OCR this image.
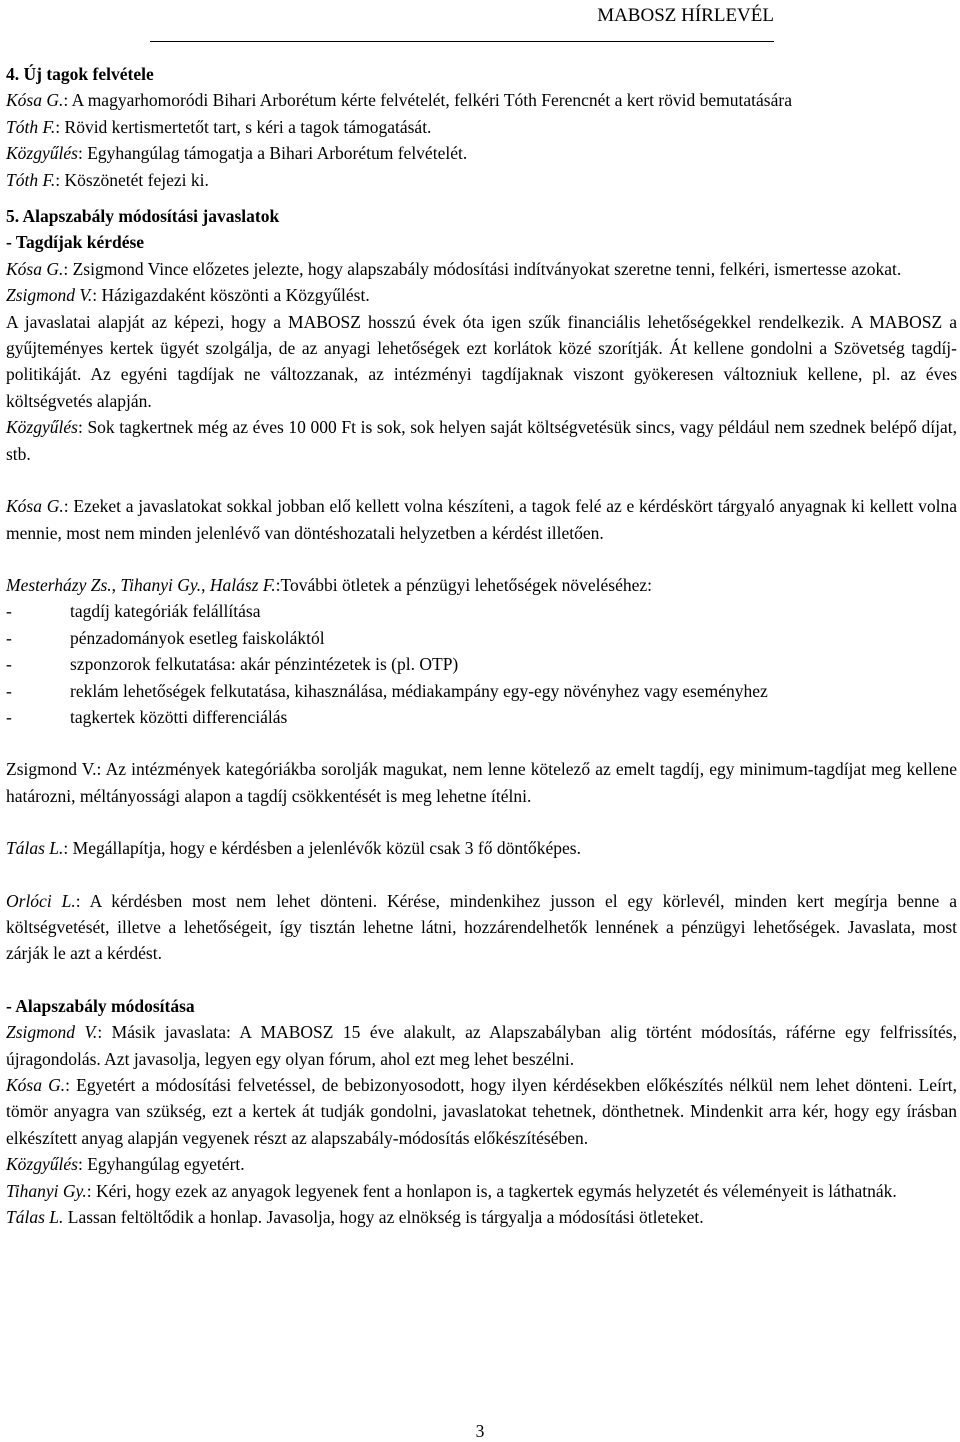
MABOSZ HÍRLEVÉL

4. Új tagok felvétele

Kósa G.: A magyarhomoródi Bihari Arborétum kérte felvételét, felkéri Tóth Ferencnét a kert rövid bemutatására

Tóth F.: Rövid kertismertetőt tart, s kéri a tagok támogatását.

Közgyűlés: Egyhangúlag támogatja a Bihari Arborétum felvételét.

Tóth F.: Köszönetét fejezi ki.

5. Alapszabály módosítási javaslatok

- Tagdíjak kérdése

Kósa G.: Zsigmond Vince előzetes jelezte, hogy alapszabály módosítási indítványokat szeretne tenni, felkéri, ismertesse azokat.

Zsigmond V.: Házigazdaként köszönti a Közgyűlést.

A javaslatai alapját az képezi, hogy a MABOSZ hosszú évek óta igen szűk financiális lehetőségekkel rendelkezik. A MABOSZ a gyűjteményes kertek ügyét szolgálja, de az anyagi lehetőségek ezt korlátok közé szorítják. Át kellene gondolni a Szövetség tagdíj-politikáját. Az egyéni tagdíjak ne változzanak, az intézményi tagdíjaknak viszont gyökeresen változniuk kellene, pl. az éves költségvetés alapján.

Közgyűlés: Sok tagkertnek még az éves 10 000 Ft is sok, sok helyen saját költségvetésük sincs, vagy például nem szednek belépő díjat, stb.

Kósa G.: Ezeket a javaslatokat sokkal jobban elő kellett volna készíteni, a tagok felé az e kérdéskört tárgyaló anyagnak ki kellett volna mennie, most nem minden jelenlévő van döntéshozatali helyzetben a kérdést illetően.

Mesterházy Zs., Tihanyi Gy., Halász F.:További ötletek a pénzügyi lehetőségek növeléséhez:

- tagdíj kategóriák felállítása
- pénzadományok esetleg faiskoláktól
- szponzorok felkutatása: akár pénzintézetek is (pl. OTP)
- reklám lehetőségek felkutatása, kihasználása, médiakampány egy-egy növényhez vagy eseményhez
- tagkertek közötti differenciálás

Zsigmond V.: Az intézmények kategóriákba sorolják magukat, nem lenne kötelező az emelt tagdíj, egy minimum-tagdíjat meg kellene határozni, méltányossági alapon a tagdíj csökkentését is meg lehetne ítélni.

Tálas L.: Megállapítja, hogy e kérdésben a jelenlévők közül csak 3 fő döntőképes.

Orlóci L.: A kérdésben most nem lehet dönteni. Kérése, mindenkihez jusson el egy körlevél, minden kert megírja benne a költségvetését, illetve a lehetőségeit, így tisztán lehetne látni, hozzárendelhetők lennének a pénzügyi lehetőségek. Javaslata, most zárják le azt a kérdést.

- Alapszabály módosítása

Zsigmond V.: Másik javaslata: A MABOSZ 15 éve alakult, az Alapszabályban alig történt módosítás, ráférne egy felfrissítés, újragondolás. Azt javasolja, legyen egy olyan fórum, ahol ezt meg lehet beszélni.

Kósa G.: Egyetért a módosítási felvetéssel, de bebizonyosodott, hogy ilyen kérdésekben előkészítés nélkül nem lehet dönteni. Leírt, tömör anyagra van szükség, ezt a kertek át tudják gondolni, javaslatokat tehetnek, dönthetnek. Mindenkit arra kér, hogy egy írásban elkészített anyag alapján vegyenek részt az alapszabály-módosítás előkészítésében.

Közgyűlés: Egyhangúlag egyetért.

Tihanyi Gy.: Kéri, hogy ezek az anyagok legyenek fent a honlapon is, a tagkertek egymás helyzetét és véleményeit is láthatnák.

Tálas L. Lassan feltöltődik a honlap. Javasolja, hogy az elnökség is tárgyalja a módosítási ötleteket.

3
